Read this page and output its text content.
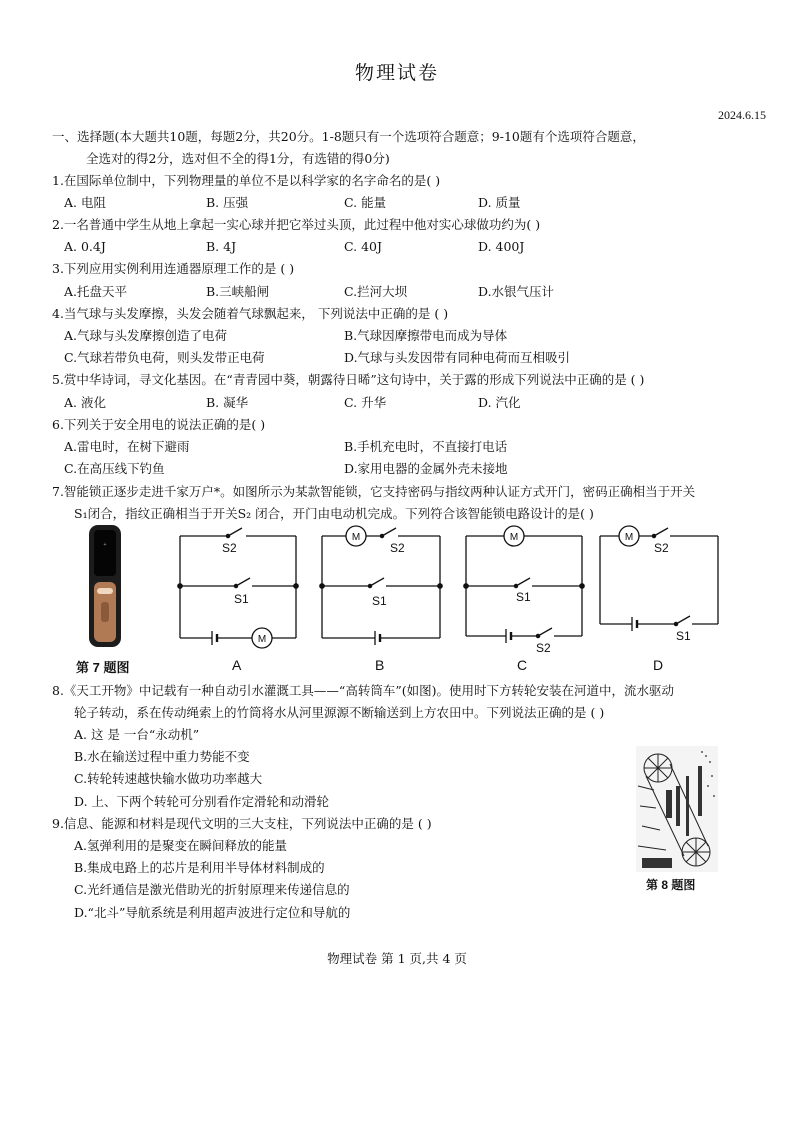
物理试卷
2024.6.15
一、选择题(本大题共10题，每题2分，共20分。1-8题只有一个选项符合题意；9-10题有个选项符合题意，
全选对的得2分，选对但不全的得1分，有选错的得0分)
1.在国际单位制中，下列物理量的单位不是以科学家的名字命名的是( )
A. 电阻	B. 压强	C. 能量	D. 质量
2.一名普通中学生从地上拿起一实心球并把它举过头顶，此过程中他对实心球做功约为( )
A. 0.4J	B. 4J	C. 40J	D. 400J
3.下列应用实例利用连通器原理工作的是 ( )
A.托盘天平	B.三峡船闸	C.拦河大坝	D.水银气压计
4.当气球与头发摩擦，头发会随着气球飘起来， 下列说法中正确的是 ( )
A.气球与头发摩擦创造了电荷	B.气球因摩擦带电而成为导体
C.气球若带负电荷，则头发带正电荷	D.气球与头发因带有同种电荷而互相吸引
5.赏中华诗词，寻文化基因。在“青青园中葵，朝露待日晞”这句诗中，关于露的形成下列说法中正确的是 ( )
A. 液化	B. 凝华	C. 升华	D. 汽化
6.下列关于安全用电的说法正确的是( )
A.雷电时，在树下避雨	B.手机充电时，不直接打电话
C.在高压线下钓鱼	D.家用电器的金属外壳未接地
7.智能锁正逐步走进千家万户*。如图所示为某款智能锁，它支持密码与指纹两种认证方式开门，密码正确相当于开关
S₁闭合，指纹正确相当于开关S₂ 闭合，开门由电动机完成。下列符合该智能锁电路设计的是( )
+
第 7 题图
S2
S1
M
M
S2
S1
M
S1
S2
M
S2
S1
A	B	C	D
8.《天工开物》中记载有一种自动引水灌溉工具——“高转筒车”(如图)。使用时下方转轮安装在河道中，流水驱动
轮子转动，系在传动绳索上的竹筒将水从河里源源不断输送到上方农田中。下列说法正确的是 ( )
A. 这 是 一台“永动机”
B.水在输送过程中重力势能不变
C.转轮转速越快输水做功功率越大
D. 上、下两个转轮可分别看作定滑轮和动滑轮
第 8 题图
9.信息、能源和材料是现代文明的三大支柱，下列说法中正确的是 ( )
A.氢弹利用的是聚变在瞬间释放的能量
B.集成电路上的芯片是利用半导体材料制成的
C.光纤通信是激光借助光的折射原理来传递信息的
D.“北斗”导航系统是利用超声波进行定位和导航的
物理试卷 第 1 页,共 4 页
